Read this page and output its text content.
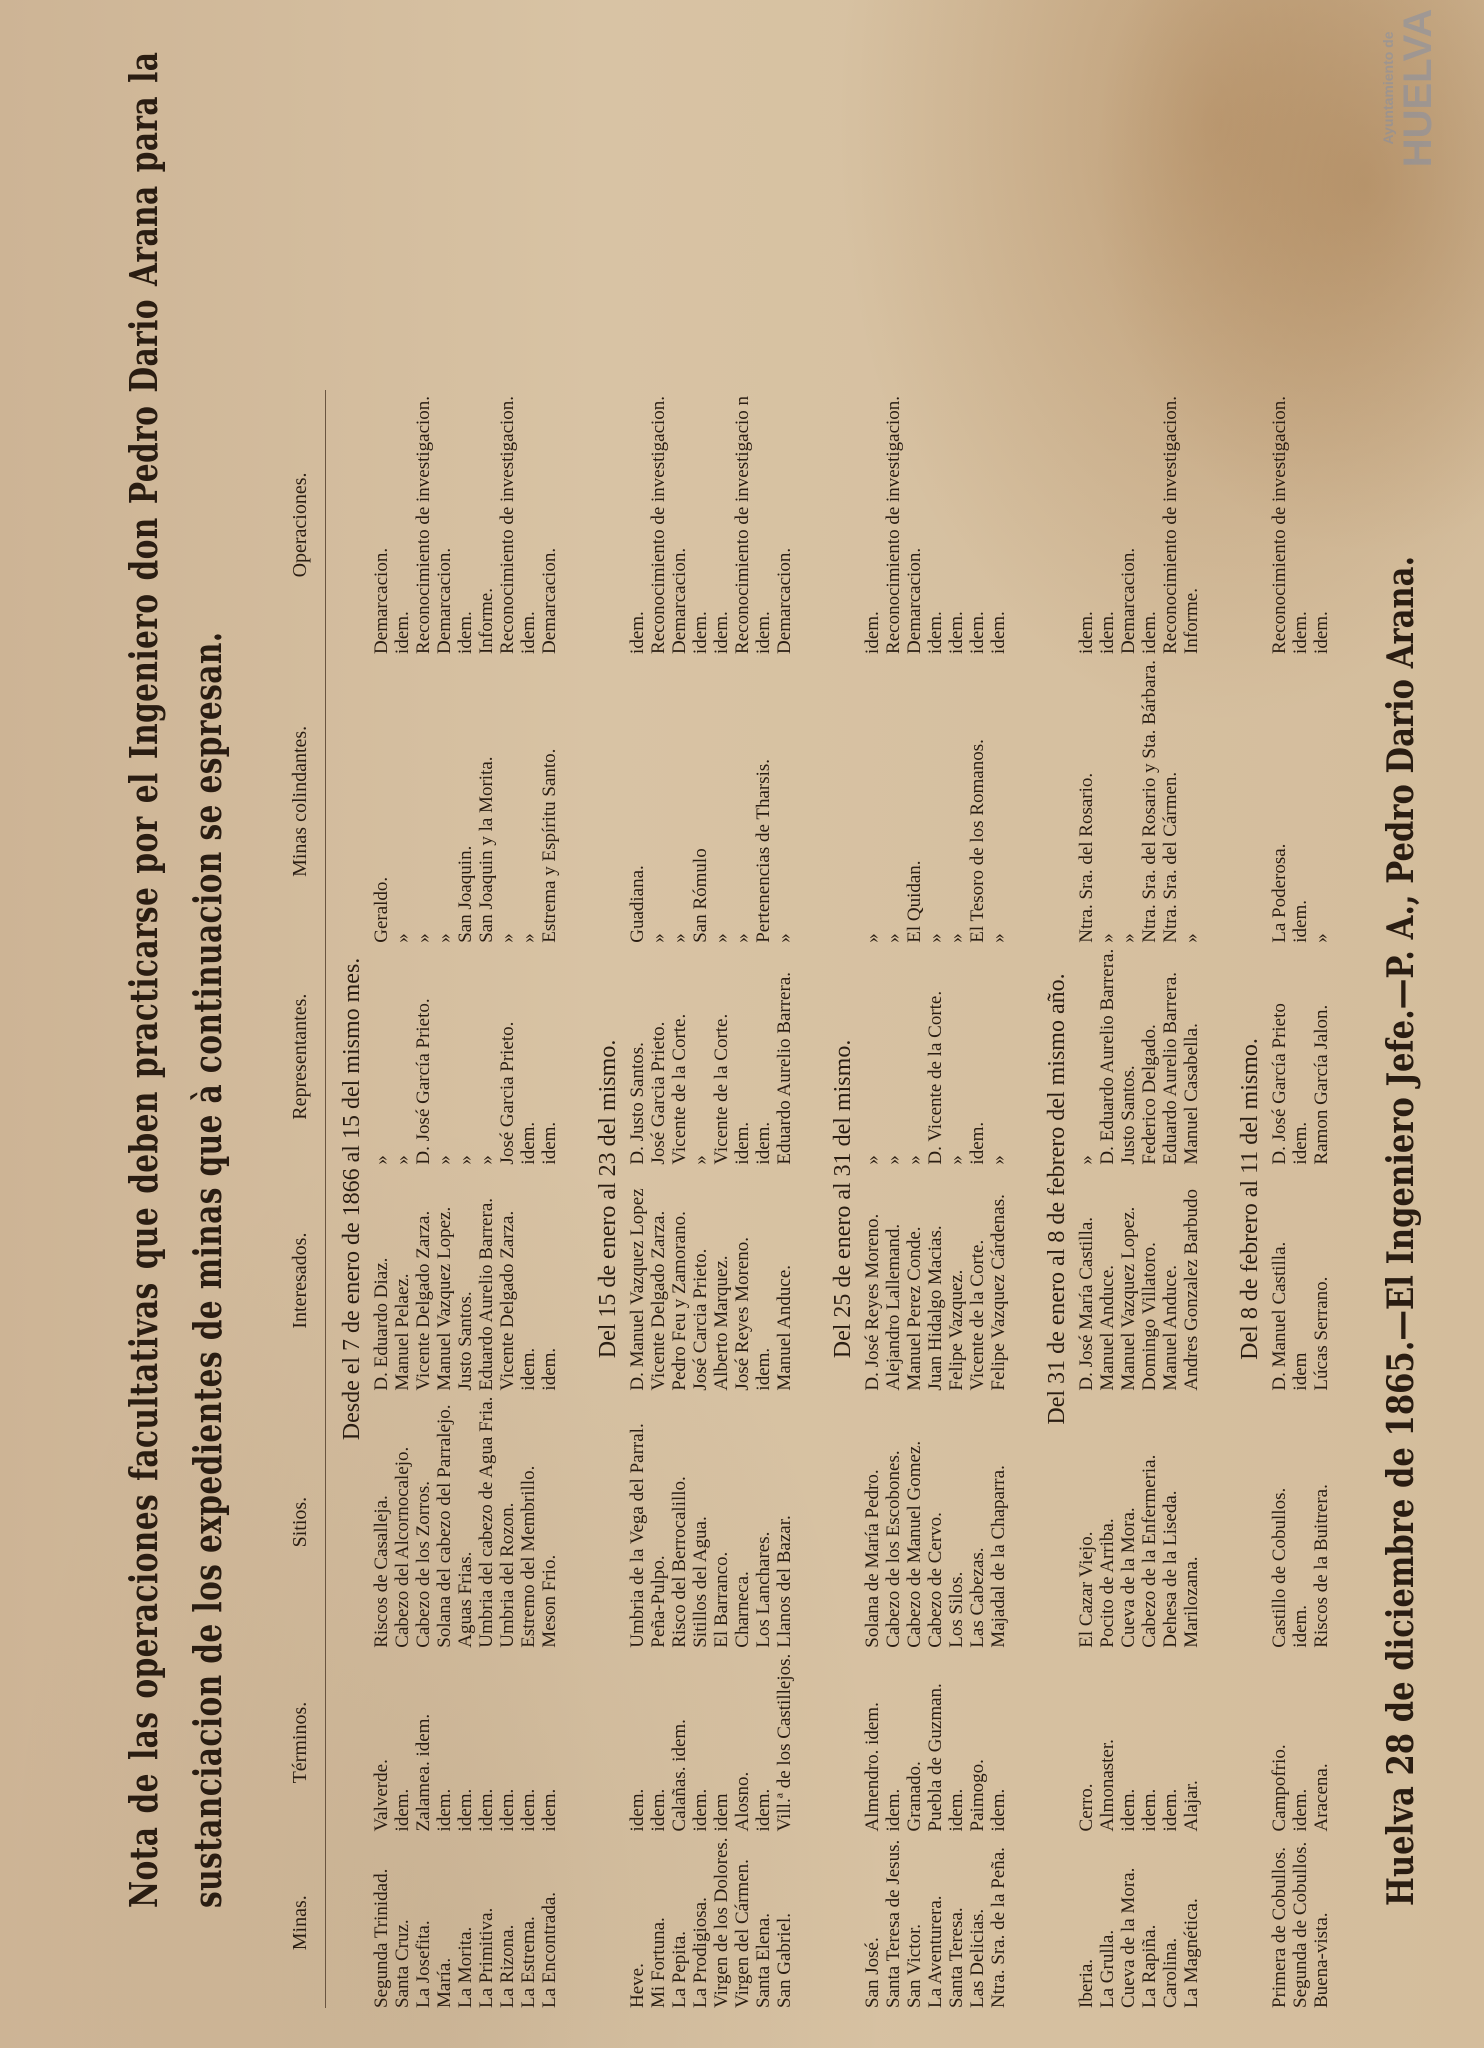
Nota de las operaciones facultativas que deben practicarse por el Ingeniero don Pedro Dario Arana para la sustanciacion de los expedientes de minas que à continuacion se espresan.
Minas.	Términos.	Sitios.	Interesados.	Representantes.	Minas colindantes.	Operaciones.
Desde el 7 de enero de 1866 al 15 del mismo mes.						
Segunda Trinidad.	Valverde.	Riscos de Casalleja.	D. Eduardo Diaz.	»	Geraldo.	Demarcacion.
Santa Cruz.	idem.	Cabezo del Alcornocalejo.	Manuel Pelaez.	»	»	idem.
La Josefita.	Zalamea. idem.	Cabezo de los Zorros.	Vicente Delgado Zarza.	D. José García Prieto.	»	Reconocimiento de investigacion.
María.	idem.	Solana del cabezo del Parralejo.	Manuel Vazquez Lopez.	»	»	Demarcacion.
La Morita.	idem.	Aguas Frias.	Justo Santos.	»	San Joaquin.	idem.
La Primitiva.	idem.	Umbria del cabezo de Agua Fria.	Eduardo Aurelio Barrera.	»	San Joaquin y la Morita.	Informe.
La Rizona.	idem.	Umbria del Rozon.	Vicente Delgado Zarza.	José Garcia Prieto.	»	Reconocimiento de investigacion.
La Estrema.	idem.	Estremo del Membrillo.	idem.	idem.	»	idem.
La Encontrada.	idem.	Meson Frio.	idem.	idem.	Estrema y Espíritu Santo.	Demarcacion.

Del 15 de enero al 23 del mismo.						
Heve.	idem.	Umbria de la Vega del Parral.	D. Manuel Vazquez Lopez	D. Justo Santos.	Guadiana.	idem.
Mi Fortuna.	idem.	Peña-Pulpo.	Vicente Delgado Zarza.	José Garcia Prieto.	»	Reconocimiento de investigacion.
La Pepita.	Calañas. idem.	Risco del Berrocalillo.	Pedro Feu y Zamorano.	Vicente de la Corte.	»	Demarcacion.
La Prodigiosa.	idem.	Sitillos del Agua.	José Carcia Prieto.	»	San Rómulo	idem.
Virgen de los Dolores.	idem	El Barranco.	Alberto Marquez.	Vicente de la Corte.	»	idem.
Virgen del Cármen.	Alosno.	Charneca.	José Reyes Moreno.	idem.	»	Reconocimiento de investigacio n
Santa Elena.	idem.	Los Lanchares.	idem.	idem.	Pertenencias de Tharsis.	idem.
San Gabriel.	Vill.ª de los Castillejos.	Llanos del Bazar.	Manuel Anduce.	Eduardo Aurelio Barrera.	»	Demarcacion.

Del 25 de enero al 31 del mismo.						
San José.	Almendro. idem.	Solana de María Pedro.	D. José Reyes Moreno.	»	»	idem.
Santa Teresa de Jesus.	idem.	Cabezo de los Escobones.	Alejandro Lallemand.	»	»	Reconocimiento de investigacion.
San Victor.	Granado.	Cabezo de Manuel Gomez.	Manuel Perez Conde.	»	El Quidan.	Demarcacion.
La Aventurera.	Puebla de Guzman.	Cabezo de Cervo.	Juan Hidalgo Macias.	D. Vicente de la Corte.	»	idem.
Santa Teresa.	idem.	Los Silos.	Felipe Vazquez.	»	»	idem.
Las Delicias.	Paimogo.	Las Cabezas.	Vicente de la Corte.	idem.	El Tesoro de los Romanos.	idem.
Ntra. Sra. de la Peña.	idem.	Majadal de la Chaparra.	Felipe Vazquez Cárdenas.	»	»	idem.

Del 31 de enero al 8 de febrero del mismo año.						
Iberia.	Cerro.	El Cazar Viejo.	D. José María Castilla.	»	Ntra. Sra. del Rosario.	idem.
La Grulla.	Almonaster.	Pocito de Arriba.	Manuel Anduce.	D. Eduardo Aurelio Barrera.	»	idem.
Cueva de la Mora.	idem.	Cueva de la Mora.	Manuel Vazquez Lopez.	Justo Santos.	»	Demarcacion.
La Rapiña.	idem.	Cabezo de la Enfermeria.	Domingo Villatoro.	Federico Delgado.	Ntra. Sra. del Rosario y Sta. Bárbara.	idem.
Carolina.	idem.	Dehesa de la Liseda.	Manuel Anduce.	Eduardo Aurelio Barrera.	Ntra. Sra. del Cármen.	Reconocimiento de investigacion.
La Magnética.	Alajar.	Marilozana.	Andres Gonzalez Barbudo	Manuel Casabella.	»	Informe.

Del 8 de febrero al 11 del mismo.						
Primera de Cobullos.	Campofrio.	Castillo de Cobullos.	D. Manuel Castilla.	D. José García Prieto	La Poderosa.	Reconocimiento de investigacion.
Segunda de Cobullos.	idem.	idem.	idem	idem.	idem.	idem.
Buena-vista.	Aracena.	Riscos de la Buitrera.	Lúcas Serrano.	Ramon García Jalon.	»	idem. Huelva 28 de diciembre de 1865.—El Ingeniero Jefe.—P. A., Pedro Dario Arana.
Ayuntamiento de HUELVA
